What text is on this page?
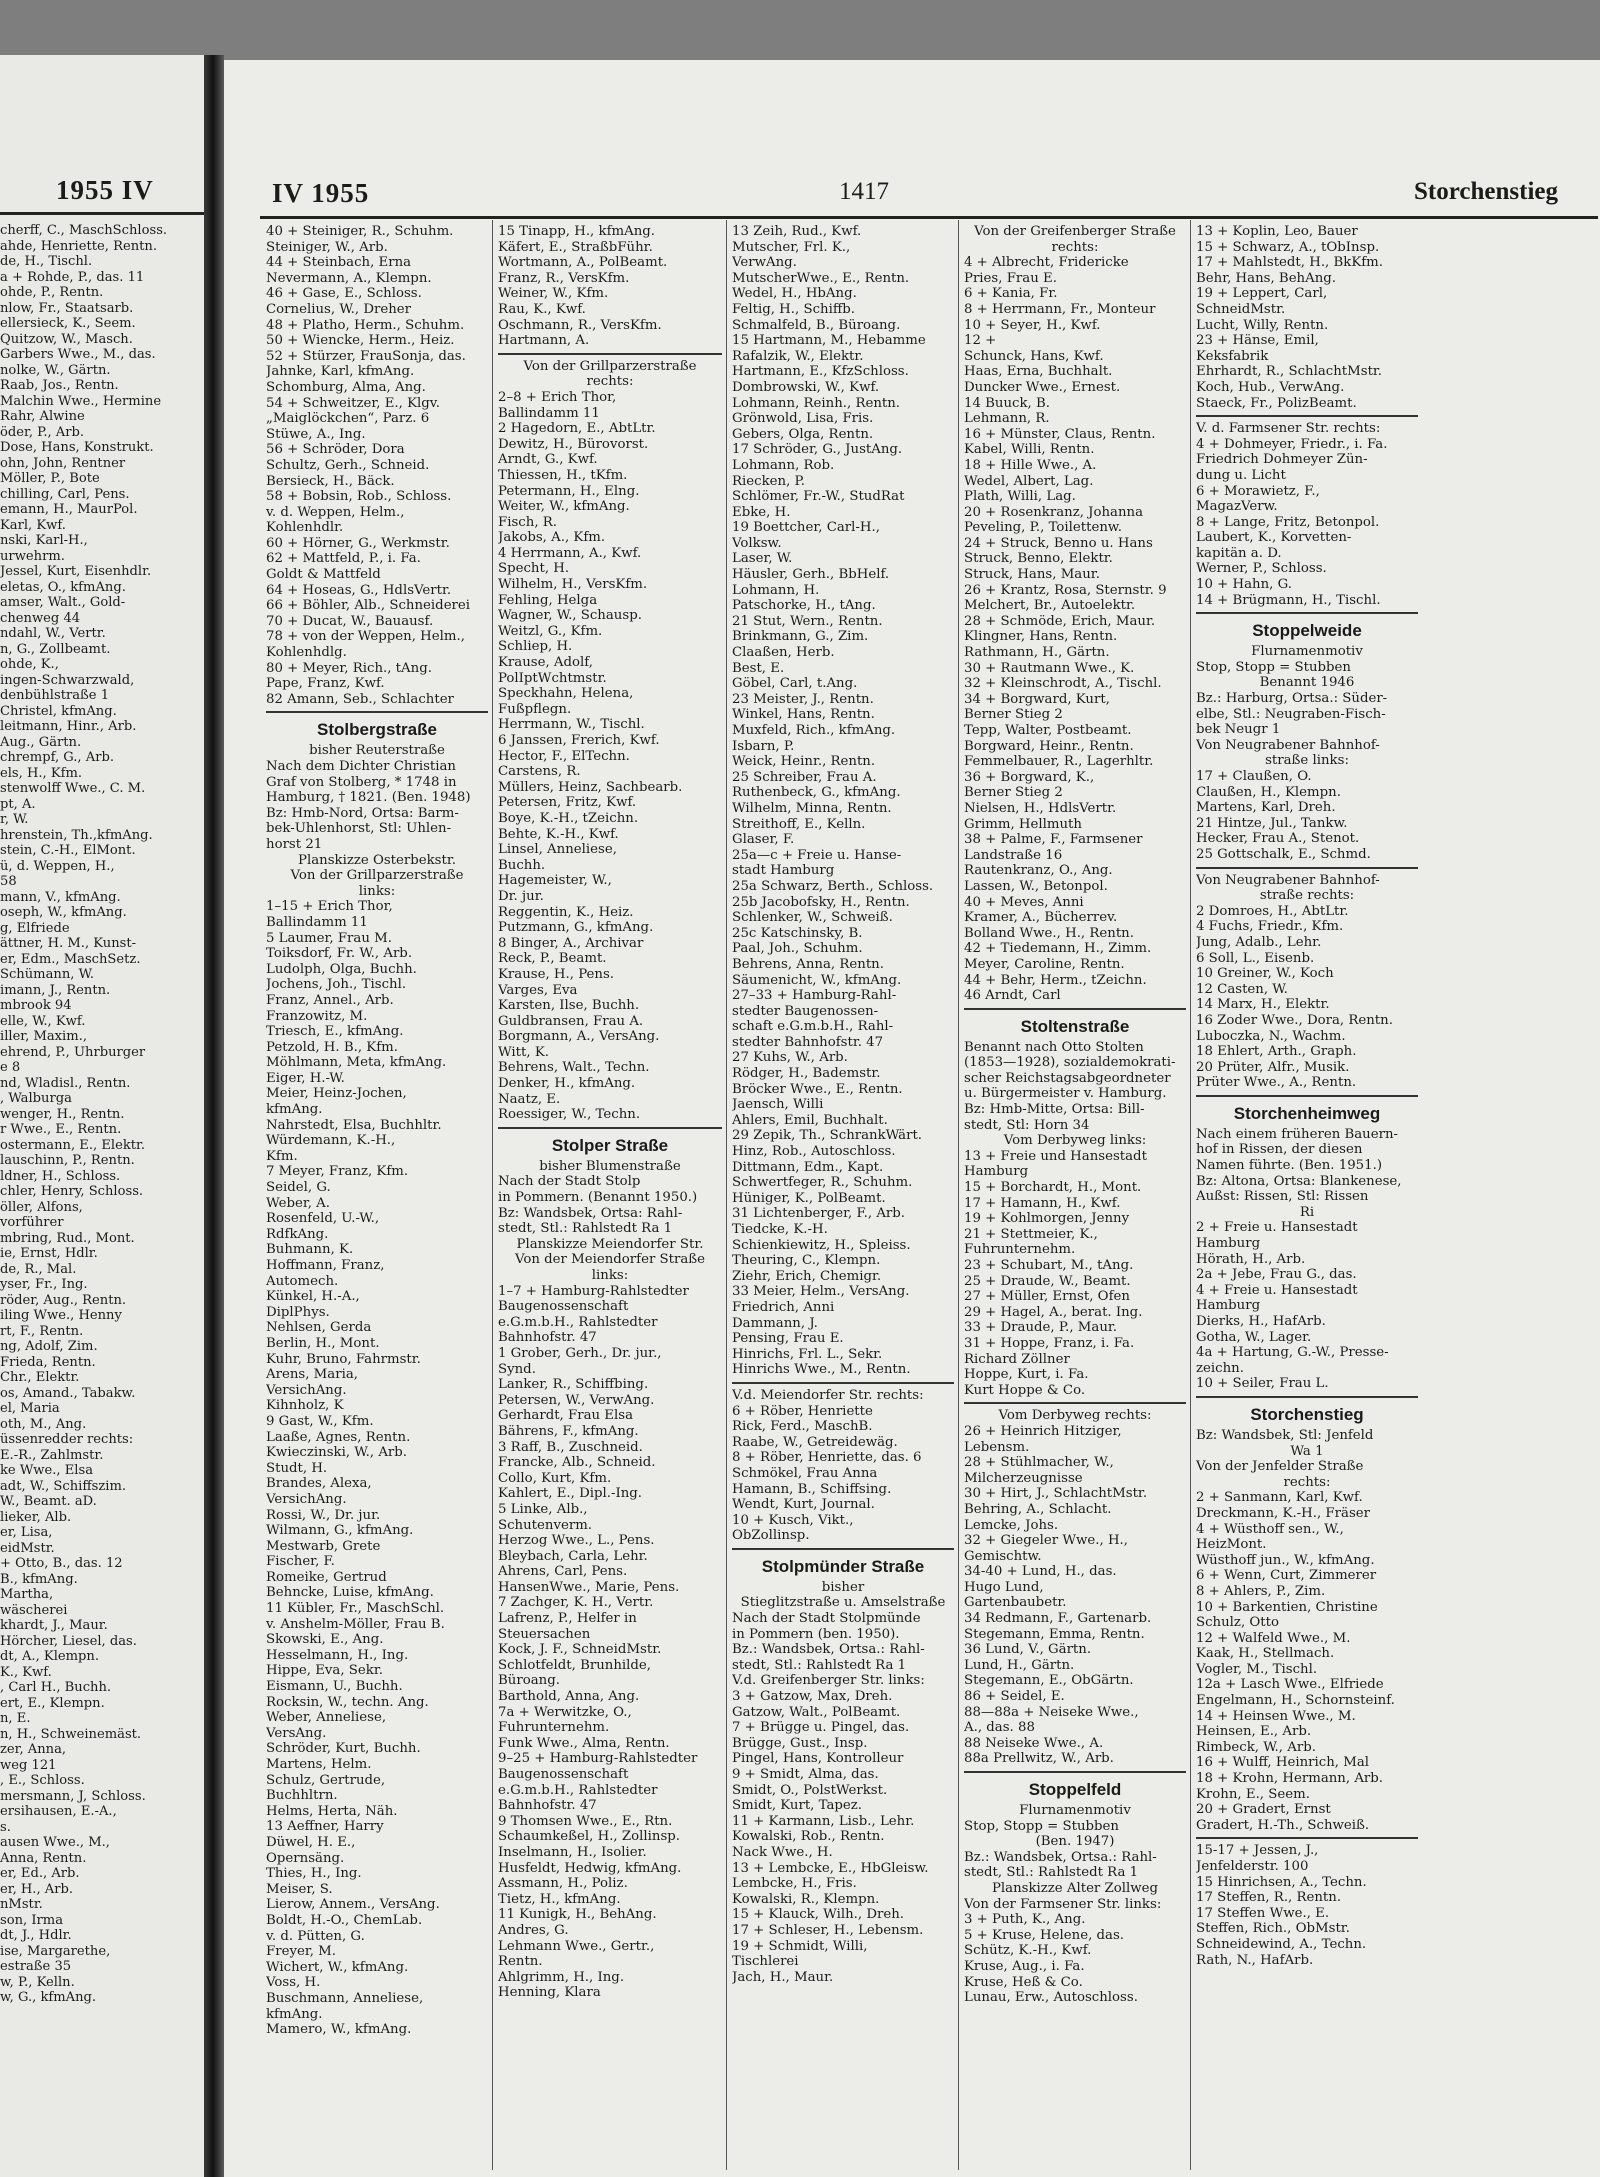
1955 IV
cherff, C., MaschSchloss.
ahde, Henriette, Rentn.
de, H., Tischl.
a + Rohde, P., das. 11
ohde, P., Rentn.
nlow, Fr., Staatsarb.
ellersieck, K., Seem.
Quitzow, W., Masch.
Garbers Wwe., M., das.
nolke, W., Gärtn.
Raab, Jos., Rentn.
Malchin Wwe., Hermine
Rahr, Alwine
öder, P., Arb.
Dose, Hans, Konstrukt.
ohn, John, Rentner
Möller, P., Bote
chilling, Carl, Pens.
emann, H., MaurPol.
Karl, Kwf.
nski, Karl-H.,
urwehrm.
Jessel, Kurt, Eisenhdlr.
eletas, O., kfmAng.
amser, Walt., Gold-
chenweg 44
ndahl, W., Vertr.
n, G., Zollbeamt.
ohde, K.,
ingen-Schwarzwald,
denbühlstraße 1
Christel, kfmAng.
leitmann, Hinr., Arb.
Aug., Gärtn.
chrempf, G., Arb.
els, H., Kfm.
stenwolff Wwe., C. M.
pt, A.
r, W.
hrenstein, Th.,kfmAng.
stein, C.-H., ElMont.
ü, d. Weppen, H.,
58
mann, V., kfmAng.
oseph, W., kfmAng.
g, Elfriede
ättner, H. M., Kunst-
er, Edm., MaschSetz.
Schümann, W.
imann, J., Rentn.
mbrook 94
elle, W., Kwf.
iller, Maxim.,
ehrend, P., Uhrburger
e 8
nd, Wladisl., Rentn.
, Walburga
wenger, H., Rentn.
r Wwe., E., Rentn.
ostermann, E., Elektr.
lauschinn, P., Rentn.
ldner, H., Schloss.
chler, Henry, Schloss.
öller, Alfons,
vorführer
mbring, Rud., Mont.
ie, Ernst, Hdlr.
de, R., Mal.
yser, Fr., Ing.
röder, Aug., Rentn.
iling Wwe., Henny
rt, F., Rentn.
ng, Adolf, Zim.
Frieda, Rentn.
Chr., Elektr.
os, Amand., Tabakw.
el, Maria
oth, M., Ang.
üssenredder rechts:
E.-R., Zahlmstr.
ke Wwe., Elsa
adt, W., Schiffszim.
W., Beamt. aD.
lieker, Alb.
er, Lisa,
eidMstr.
+ Otto, B., das. 12
B., kfmAng.
Martha,
wäscherei
khardt, J., Maur.
Hörcher, Liesel, das.
dt, A., Klempn.
K., Kwf.
, Carl H., Buchh.
ert, E., Klempn.
n, E.
n, H., Schweinemäst.
zer, Anna,
weg 121
, E., Schloss.
mersmann, J, Schloss.
ersihausen, E.-A.,
s.
ausen Wwe., M.,
Anna, Rentn.
er, Ed., Arb.
er, H., Arb.
nMstr.
son, Irma
dt, J., Hdlr.
ise, Margarethe,
estraße 35
w, P., Kelln.
w, G., kfmAng.
IV 1955	1417	Storchenstieg
40 + Steiniger, R., Schuhm.
Steiniger, W., Arb.
44 + Steinbach, Erna
Nevermann, A., Klempn.
46 + Gase, E., Schloss.
Cornelius, W., Dreher
48 + Platho, Herm., Schuhm.
50 + Wiencke, Herm., Heiz.
52 + Stürzer, FrauSonja, das.
Jahnke, Karl, kfmAng.
Schomburg, Alma, Ang.
54 + Schweitzer, E., Klgv.
„Maiglöckchen“, Parz. 6
Stüwe, A., Ing.
56 + Schröder, Dora
Schultz, Gerh., Schneid.
Bersieck, H., Bäck.
58 + Bobsin, Rob., Schloss.
v. d. Weppen, Helm.,
Kohlenhdlr.
60 + Hörner, G., Werkmstr.
62 + Mattfeld, P., i. Fa.
Goldt & Mattfeld
64 + Hoseas, G., HdlsVertr.
66 + Böhler, Alb., Schneiderei
70 + Ducat, W., Bauausf.
78 + von der Weppen, Helm.,
Kohlenhdlg.
80 + Meyer, Rich., tAng.
Pape, Franz, Kwf.
82 Amann, Seb., Schlachter
Stolbergstraße
bisher Reuterstraße
Nach dem Dichter Christian
Graf von Stolberg, * 1748 in
Hamburg, † 1821. (Ben. 1948)
Bz: Hmb-Nord, Ortsa: Barm-
bek-Uhlenhorst, Stl: Uhlen-
horst 21
Planskizze Osterbekstr.
Von der Grillparzerstraße
links:
1–15 + Erich Thor,
Ballindamm 11
5 Laumer, Frau M.
Toiksdorf, Fr. W., Arb.
Ludolph, Olga, Buchh.
Jochens, Joh., Tischl.
Franz, Annel., Arb.
Franzowitz, M.
Triesch, E., kfmAng.
Petzold, H. B., Kfm.
Möhlmann, Meta, kfmAng.
Eiger, H.-W.
Meier, Heinz-Jochen,
kfmAng.
Nahrstedt, Elsa, Buchhltr.
Würdemann, K.-H.,
Kfm.
7 Meyer, Franz, Kfm.
Seidel, G.
Weber, A.
Rosenfeld, U.-W.,
RdfkAng.
Buhmann, K.
Hoffmann, Franz,
Automech.
Künkel, H.-A.,
DiplPhys.
Nehlsen, Gerda
Berlin, H., Mont.
Kuhr, Bruno, Fahrmstr.
Arens, Maria,
VersichAng.
Kihnholz, K
9 Gast, W., Kfm.
Laaße, Agnes, Rentn.
Kwieczinski, W., Arb.
Studt, H.
Brandes, Alexa,
VersichAng.
Rossi, W., Dr. jur.
Wilmann, G., kfmAng.
Mestwarb, Grete
Fischer, F.
Romeike, Gertrud
Behncke, Luise, kfmAng.
11 Kübler, Fr., MaschSchl.
v. Anshelm-Möller, Frau B.
Skowski, E., Ang.
Hesselmann, H., Ing.
Hippe, Eva, Sekr.
Eismann, U., Buchh.
Rocksin, W., techn. Ang.
Weber, Anneliese,
VersAng.
Schröder, Kurt, Buchh.
Martens, Helm.
Schulz, Gertrude,
Buchhltrn.
Helms, Herta, Näh.
13 Aeffner, Harry
Düwel, H. E.,
Opernsäng.
Thies, H., Ing.
Meiser, S.
Lierow, Annem., VersAng.
Boldt, H.-O., ChemLab.
v. d. Pütten, G.
Freyer, M.
Wichert, W., kfmAng.
Voss, H.
Buschmann, Anneliese,
kfmAng.
Mamero, W., kfmAng.
15 Tinapp, H., kfmAng.
Käfert, E., StraßbFühr.
Wortmann, A., PolBeamt.
Franz, R., VersKfm.
Weiner, W., Kfm.
Rau, K., Kwf.
Oschmann, R., VersKfm.
Hartmann, A.
Von der Grillparzerstraße
rechts:
2–8 + Erich Thor,
Ballindamm 11
2 Hagedorn, E., AbtLtr.
Dewitz, H., Bürovorst.
Arndt, G., Kwf.
Thiessen, H., tKfm.
Petermann, H., Elng.
Weiter, W., kfmAng.
Fisch, R.
Jakobs, A., Kfm.
4 Herrmann, A., Kwf.
Specht, H.
Wilhelm, H., VersKfm.
Fehling, Helga
Wagner, W., Schausp.
Weitzl, G., Kfm.
Schliep, H.
Krause, Adolf,
PolIptWchtmstr.
Speckhahn, Helena,
Fußpflegn.
Herrmann, W., Tischl.
6 Janssen, Frerich, Kwf.
Hector, F., ElTechn.
Carstens, R.
Müllers, Heinz, Sachbearb.
Petersen, Fritz, Kwf.
Boye, K.-H., tZeichn.
Behte, K.-H., Kwf.
Linsel, Anneliese,
Buchh.
Hagemeister, W.,
Dr. jur.
Reggentin, K., Heiz.
Putzmann, G., kfmAng.
8 Binger, A., Archivar
Reck, P., Beamt.
Krause, H., Pens.
Varges, Eva
Karsten, Ilse, Buchh.
Guldbransen, Frau A.
Borgmann, A., VersAng.
Witt, K.
Behrens, Walt., Techn.
Denker, H., kfmAng.
Naatz, E.
Roessiger, W., Techn.
Stolper Straße
bisher Blumenstraße
Nach der Stadt Stolp
in Pommern. (Benannt 1950.)
Bz: Wandsbek, Ortsa: Rahl-
stedt, Stl.: Rahlstedt Ra 1
Planskizze Meiendorfer Str.
Von der Meiendorfer Straße
links:
1–7 + Hamburg-Rahlstedter
Baugenossenschaft
e.G.m.b.H., Rahlstedter
Bahnhofstr. 47
1 Grober, Gerh., Dr. jur.,
Synd.
Lanker, R., Schiffbing.
Petersen, W., VerwAng.
Gerhardt, Frau Elsa
Bährens, F., kfmAng.
3 Raff, B., Zuschneid.
Francke, Alb., Schneid.
Collo, Kurt, Kfm.
Kahlert, E., Dipl.-Ing.
5 Linke, Alb.,
Schutenverm.
Herzog Wwe., L., Pens.
Bleybach, Carla, Lehr.
Ahrens, Carl, Pens.
HansenWwe., Marie, Pens.
7 Zachger, K. H., Vertr.
Lafrenz, P., Helfer in
Steuersachen
Kock, J. F., SchneidMstr.
Schlotfeldt, Brunhilde,
Büroang.
Barthold, Anna, Ang.
7a + Werwitzke, O.,
Fuhrunternehm.
Funk Wwe., Alma, Rentn.
9–25 + Hamburg-Rahlstedter
Baugenossenschaft
e.G.m.b.H., Rahlstedter
Bahnhofstr. 47
9 Thomsen Wwe., E., Rtn.
Schaumkeßel, H., Zollinsp.
Inselmann, H., Isolier.
Husfeldt, Hedwig, kfmAng.
Assmann, H., Poliz.
Tietz, H., kfmAng.
11 Kunigk, H., BehAng.
Andres, G.
Lehmann Wwe., Gertr.,
Rentn.
Ahlgrimm, H., Ing.
Henning, Klara
13 Zeih, Rud., Kwf.
Mutscher, Frl. K.,
VerwAng.
MutscherWwe., E., Rentn.
Wedel, H., HbAng.
Feltig, H., Schiffb.
Schmalfeld, B., Büroang.
15 Hartmann, M., Hebamme
Rafalzik, W., Elektr.
Hartmann, E., KfzSchloss.
Dombrowski, W., Kwf.
Lohmann, Reinh., Rentn.
Grönwold, Lisa, Fris.
Gebers, Olga, Rentn.
17 Schröder, G., JustAng.
Lohmann, Rob.
Riecken, P.
Schlömer, Fr.-W., StudRat
Ebke, H.
19 Boettcher, Carl-H.,
Volksw.
Laser, W.
Häusler, Gerh., BbHelf.
Lohmann, H.
Patschorke, H., tAng.
21 Stut, Wern., Rentn.
Brinkmann, G., Zim.
Claaßen, Herb.
Best, E.
Göbel, Carl, t.Ang.
23 Meister, J., Rentn.
Winkel, Hans, Rentn.
Muxfeld, Rich., kfmAng.
Isbarn, P.
Weick, Heinr., Rentn.
25 Schreiber, Frau A.
Ruthenbeck, G., kfmAng.
Wilhelm, Minna, Rentn.
Streithoff, E., Kelln.
Glaser, F.
25a—c + Freie u. Hanse-
stadt Hamburg
25a Schwarz, Berth., Schloss.
25b Jacobofsky, H., Rentn.
Schlenker, W., Schweiß.
25c Katschinsky, B.
Paal, Joh., Schuhm.
Behrens, Anna, Rentn.
Säumenicht, W., kfmAng.
27–33 + Hamburg-Rahl-
stedter Baugenossen-
schaft e.G.m.b.H., Rahl-
stedter Bahnhofstr. 47
27 Kuhs, W., Arb.
Rödger, H., Bademstr.
Bröcker Wwe., E., Rentn.
Jaensch, Willi
Ahlers, Emil, Buchhalt.
29 Zepik, Th., SchrankWärt.
Hinz, Rob., Autoschloss.
Dittmann, Edm., Kapt.
Schwertfeger, R., Schuhm.
Hüniger, K., PolBeamt.
31 Lichtenberger, F., Arb.
Tiedcke, K.-H.
Schienkiewitz, H., Spleiss.
Theuring, C., Klempn.
Ziehr, Erich, Chemigr.
33 Meier, Helm., VersAng.
Friedrich, Anni
Dammann, J.
Pensing, Frau E.
Hinrichs, Frl. L., Sekr.
Hinrichs Wwe., M., Rentn.
V.d. Meiendorfer Str. rechts:
6 + Röber, Henriette
Rick, Ferd., MaschB.
Raabe, W., Getreidewäg.
8 + Röber, Henriette, das. 6
Schmökel, Frau Anna
Hamann, B., Schiffsing.
Wendt, Kurt, Journal.
10 + Kusch, Vikt.,
ObZollinsp.
Stolpmünder Straße
bisher
Stieglitzstraße u. Amselstraße
Nach der Stadt Stolpmünde
in Pommern (ben. 1950).
Bz.: Wandsbek, Ortsa.: Rahl-
stedt, Stl.: Rahlstedt Ra 1
V.d. Greifenberger Str. links:
3 + Gatzow, Max, Dreh.
Gatzow, Walt., PolBeamt.
7 + Brügge u. Pingel, das.
Brügge, Gust., Insp.
Pingel, Hans, Kontrolleur
9 + Smidt, Alma, das.
Smidt, O., PolstWerkst.
Smidt, Kurt, Tapez.
11 + Karmann, Lisb., Lehr.
Kowalski, Rob., Rentn.
Nack Wwe., H.
13 + Lembcke, E., HbGleisw.
Lembcke, H., Fris.
Kowalski, R., Klempn.
15 + Klauck, Wilh., Dreh.
17 + Schleser, H., Lebensm.
19 + Schmidt, Willi,
Tischlerei
Jach, H., Maur.
Von der Greifenberger Straße
rechts:
4 + Albrecht, Fridericke
Pries, Frau E.
6 + Kania, Fr.
8 + Herrmann, Fr., Monteur
10 + Seyer, H., Kwf.
12 +
Schunck, Hans, Kwf.
Haas, Erna, Buchhalt.
Duncker Wwe., Ernest.
14 Buuck, B.
Lehmann, R.
16 + Münster, Claus, Rentn.
Kabel, Willi, Rentn.
18 + Hille Wwe., A.
Wedel, Albert, Lag.
Plath, Willi, Lag.
20 + Rosenkranz, Johanna
Peveling, P., Toilettenw.
24 + Struck, Benno u. Hans
Struck, Benno, Elektr.
Struck, Hans, Maur.
26 + Krantz, Rosa, Sternstr. 9
Melchert, Br., Autoelektr.
28 + Schmöde, Erich, Maur.
Klingner, Hans, Rentn.
Rathmann, H., Gärtn.
30 + Rautmann Wwe., K.
32 + Kleinschrodt, A., Tischl.
34 + Borgward, Kurt,
Berner Stieg 2
Tepp, Walter, Postbeamt.
Borgward, Heinr., Rentn.
Femmelbauer, R., Lagerhltr.
36 + Borgward, K.,
Berner Stieg 2
Nielsen, H., HdlsVertr.
Grimm, Hellmuth
38 + Palme, F., Farmsener
Landstraße 16
Rautenkranz, O., Ang.
Lassen, W., Betonpol.
40 + Meves, Anni
Kramer, A., Bücherrev.
Bolland Wwe., H., Rentn.
42 + Tiedemann, H., Zimm.
Meyer, Caroline, Rentn.
44 + Behr, Herm., tZeichn.
46 Arndt, Carl
Stoltenstraße
Benannt nach Otto Stolten
(1853—1928), sozialdemokrati-
scher Reichstagsabgeordneter
u. Bürgermeister v. Hamburg.
Bz: Hmb-Mitte, Ortsa: Bill-
stedt, Stl: Horn 34
Vom Derbyweg links:
13 + Freie und Hansestadt
Hamburg
15 + Borchardt, H., Mont.
17 + Hamann, H., Kwf.
19 + Kohlmorgen, Jenny
21 + Stettmeier, K.,
Fuhrunternehm.
23 + Schubart, M., tAng.
25 + Draude, W., Beamt.
27 + Müller, Ernst, Ofen
29 + Hagel, A., berat. Ing.
33 + Draude, P., Maur.
31 + Hoppe, Franz, i. Fa.
Richard Zöllner
Hoppe, Kurt, i. Fa.
Kurt Hoppe & Co.
Vom Derbyweg rechts:
26 + Heinrich Hitziger,
Lebensm.
28 + Stühlmacher, W.,
Milcherzeugnisse
30 + Hirt, J., SchlachtMstr.
Behring, A., Schlacht.
Lemcke, Johs.
32 + Giegeler Wwe., H.,
Gemischtw.
34-40 + Lund, H., das.
Hugo Lund,
Gartenbaubetr.
34 Redmann, F., Gartenarb.
Stegemann, Emma, Rentn.
36 Lund, V., Gärtn.
Lund, H., Gärtn.
Stegemann, E., ObGärtn.
86 + Seidel, E.
88—88a + Neiseke Wwe.,
A., das. 88
88 Neiseke Wwe., A.
88a Prellwitz, W., Arb.
Stoppelfeld
Flurnamenmotiv
Stop, Stopp = Stubben
(Ben. 1947)
Bz.: Wandsbek, Ortsa.: Rahl-
stedt, Stl.: Rahlstedt Ra 1
Planskizze Alter Zollweg
Von der Farmsener Str. links:
3 + Puth, K., Ang.
5 + Kruse, Helene, das.
Schütz, K.-H., Kwf.
Kruse, Aug., i. Fa.
Kruse, Heß & Co.
Lunau, Erw., Autoschloss.
13 + Koplin, Leo, Bauer
15 + Schwarz, A., tObInsp.
17 + Mahlstedt, H., BkKfm.
Behr, Hans, BehAng.
19 + Leppert, Carl,
SchneidMstr.
Lucht, Willy, Rentn.
23 + Hänse, Emil,
Keksfabrik
Ehrhardt, R., SchlachtMstr.
Koch, Hub., VerwAng.
Staeck, Fr., PolizBeamt.
V. d. Farmsener Str. rechts:
4 + Dohmeyer, Friedr., i. Fa.
Friedrich Dohmeyer Zün-
dung u. Licht
6 + Morawietz, F.,
MagazVerw.
8 + Lange, Fritz, Betonpol.
Laubert, K., Korvetten-
kapitän a. D.
Werner, P., Schloss.
10 + Hahn, G.
14 + Brügmann, H., Tischl.
Stoppelweide
Flurnamenmotiv
Stop, Stopp = Stubben
Benannt 1946
Bz.: Harburg, Ortsa.: Süder-
elbe, Stl.: Neugraben-Fisch-
bek Neugr 1
Von Neugrabener Bahnhof-
straße links:
17 + Claußen, O.
Claußen, H., Klempn.
Martens, Karl, Dreh.
21 Hintze, Jul., Tankw.
Hecker, Frau A., Stenot.
25 Gottschalk, E., Schmd.
Von Neugrabener Bahnhof-
straße rechts:
2 Domroes, H., AbtLtr.
4 Fuchs, Friedr., Kfm.
Jung, Adalb., Lehr.
6 Soll, L., Eisenb.
10 Greiner, W., Koch
12 Casten, W.
14 Marx, H., Elektr.
16 Zoder Wwe., Dora, Rentn.
Luboczka, N., Wachm.
18 Ehlert, Arth., Graph.
20 Prüter, Alfr., Musik.
Prüter Wwe., A., Rentn.
Storchenheimweg
Nach einem früheren Bauern-
hof in Rissen, der diesen
Namen führte. (Ben. 1951.)
Bz: Altona, Ortsa: Blankenese,
Außst: Rissen, Stl: Rissen
Ri
2 + Freie u. Hansestadt
Hamburg
Hörath, H., Arb.
2a + Jebe, Frau G., das.
4 + Freie u. Hansestadt
Hamburg
Dierks, H., HafArb.
Gotha, W., Lager.
4a + Hartung, G.-W., Presse-
zeichn.
10 + Seiler, Frau L.
Storchenstieg
Bz: Wandsbek, Stl: Jenfeld
Wa 1
Von der Jenfelder Straße
rechts:
2 + Sanmann, Karl, Kwf.
Dreckmann, K.-H., Fräser
4 + Wüsthoff sen., W.,
HeizMont.
Wüsthoff jun., W., kfmAng.
6 + Wenn, Curt, Zimmerer
8 + Ahlers, P., Zim.
10 + Barkentien, Christine
Schulz, Otto
12 + Walfeld Wwe., M.
Kaak, H., Stellmach.
Vogler, M., Tischl.
12a + Lasch Wwe., Elfriede
Engelmann, H., Schornsteinf.
14 + Heinsen Wwe., M.
Heinsen, E., Arb.
Rimbeck, W., Arb.
16 + Wulff, Heinrich, Mal
18 + Krohn, Hermann, Arb.
Krohn, E., Seem.
20 + Gradert, Ernst
Gradert, H.-Th., Schweiß.
15-17 + Jessen, J.,
Jenfelderstr. 100
15 Hinrichsen, A., Techn.
17 Steffen, R., Rentn.
17 Steffen Wwe., E.
Steffen, Rich., ObMstr.
Schneidewind, A., Techn.
Rath, N., HafArb.
